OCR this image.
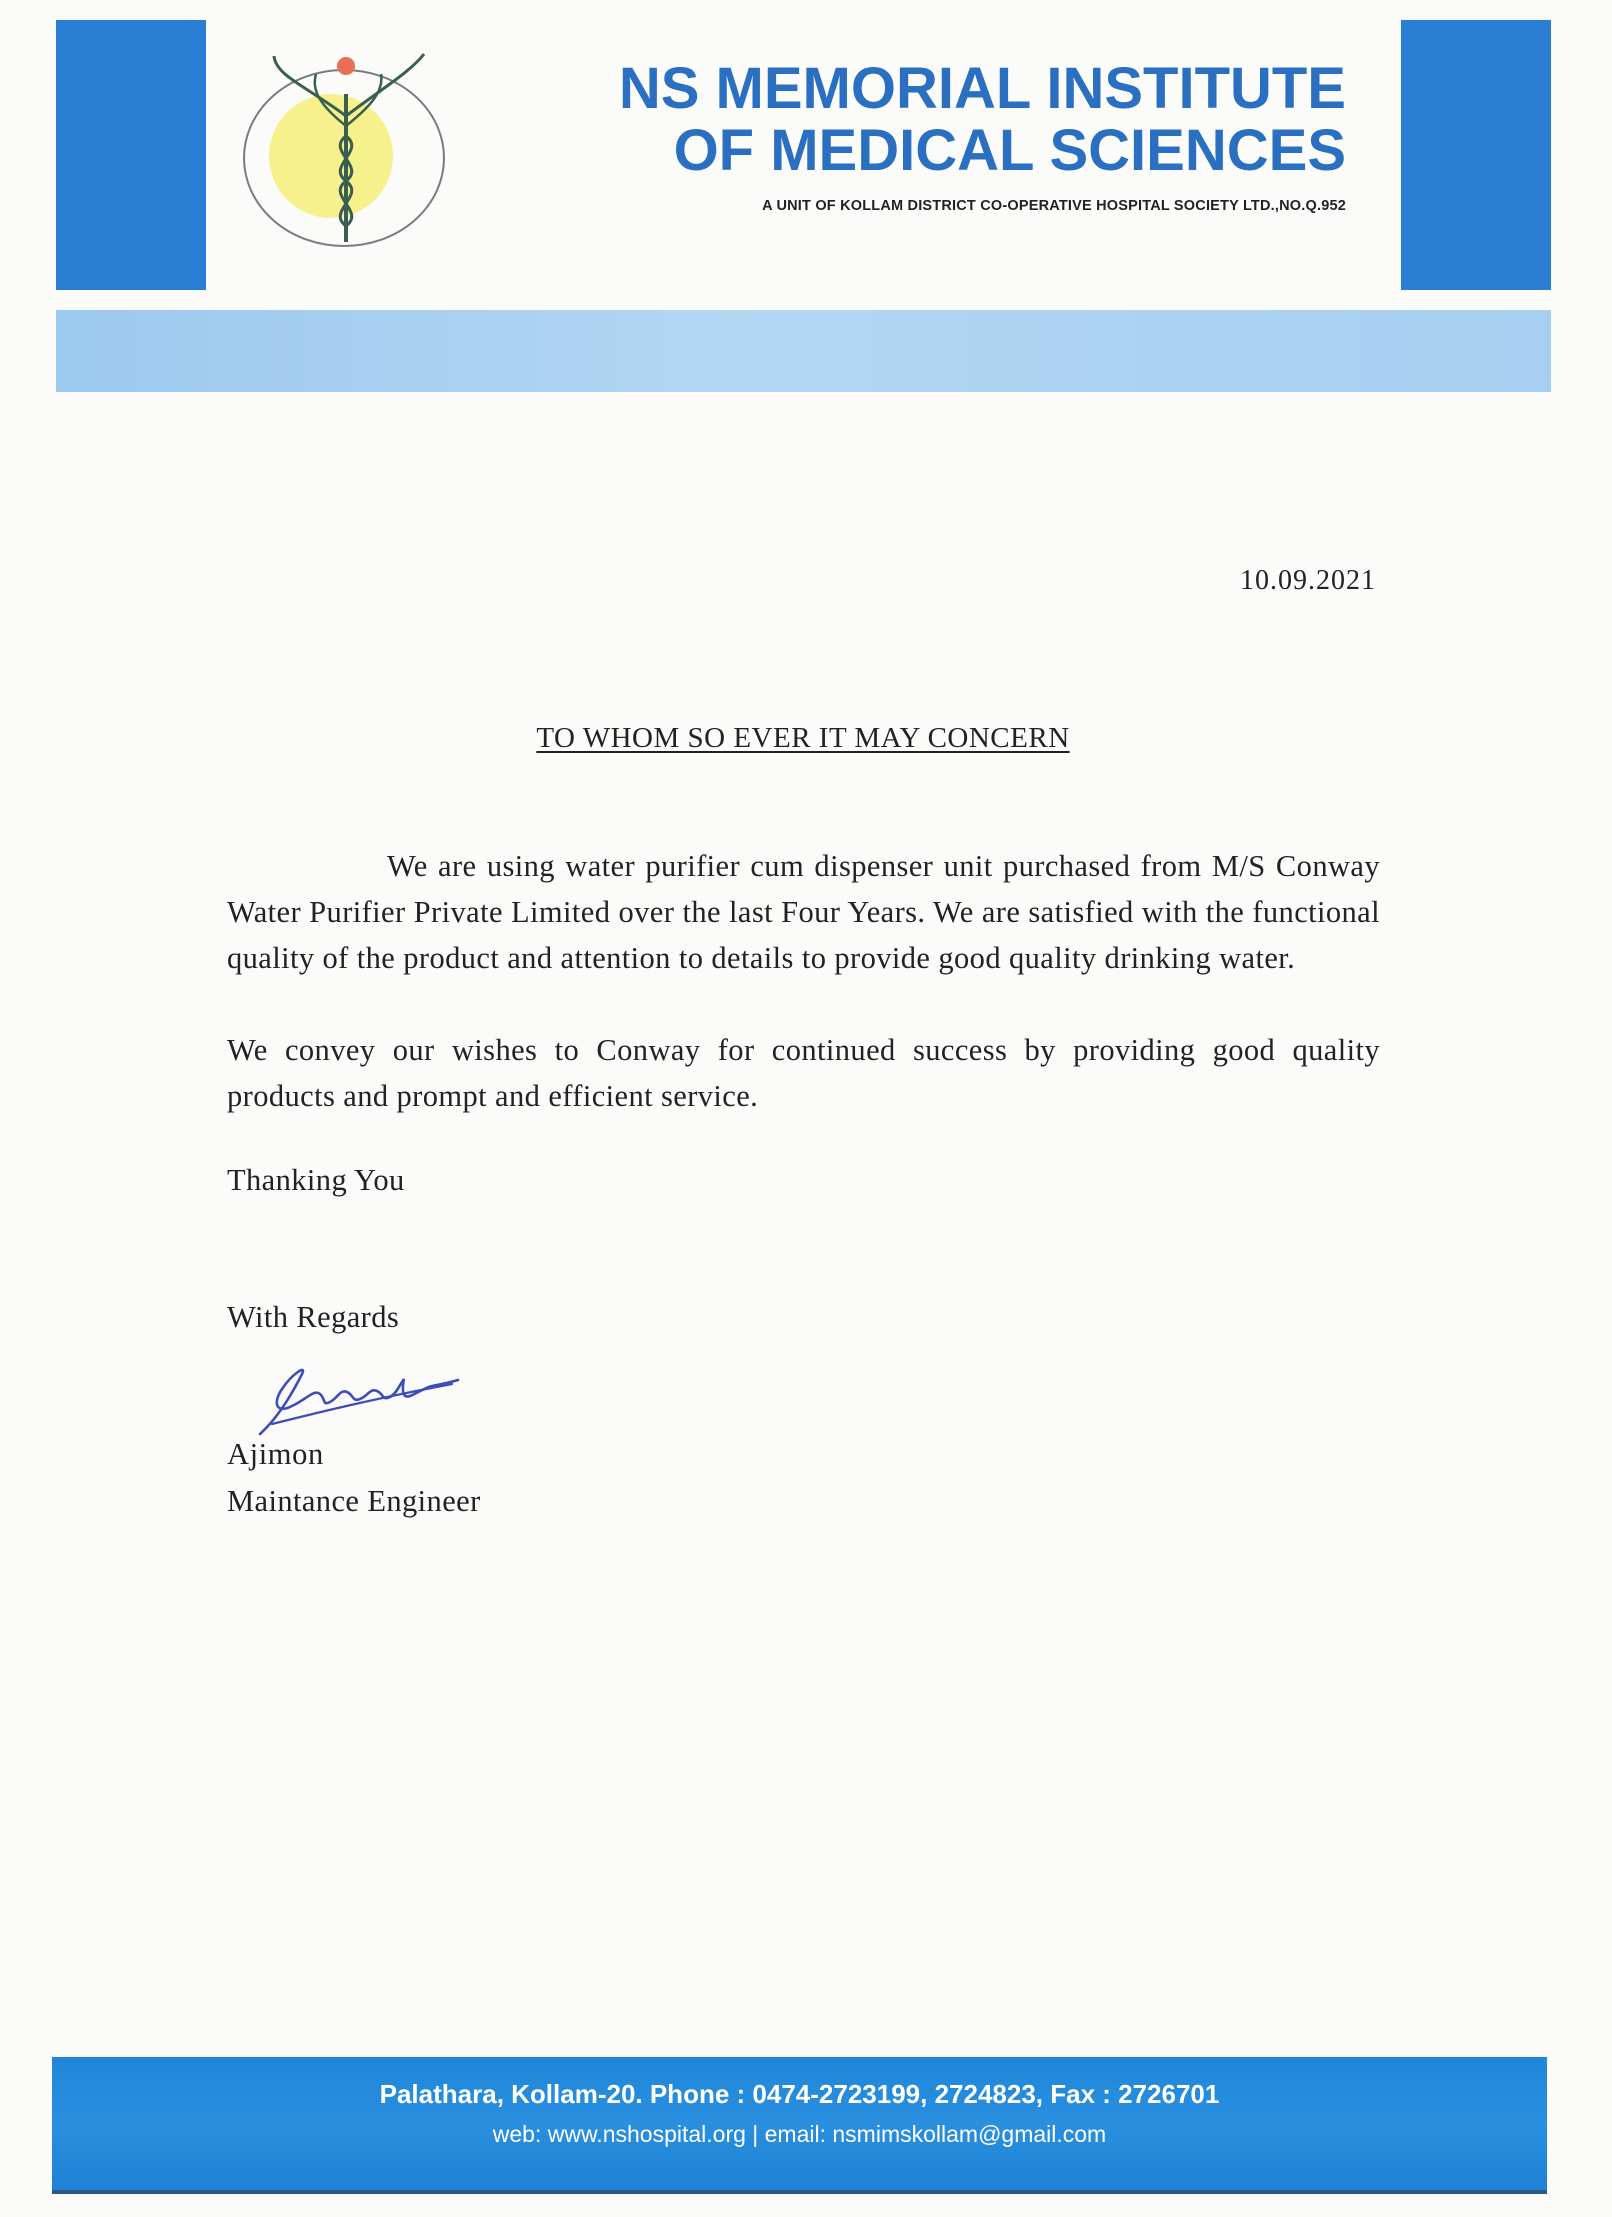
NS MEMORIAL INSTITUTE
OF MEDICAL SCIENCES
A UNIT OF KOLLAM DISTRICT CO-OPERATIVE HOSPITAL SOCIETY LTD.,NO.Q.952
10.09.2021
TO WHOM SO EVER IT MAY CONCERN
We are using water purifier cum dispenser unit purchased from M/S Conway Water Purifier Private Limited over the last Four Years. We are satisfied with the functional quality of the product and attention to details to provide good quality drinking water.
We convey our wishes to Conway for continued success by providing good quality products and prompt and efficient service.
Thanking You
With Regards
Ajimon
Maintance Engineer
Palathara, Kollam-20. Phone : 0474-2723199, 2724823, Fax : 2726701
web: www.nshospital.org | email: nsmimskollam@gmail.com
